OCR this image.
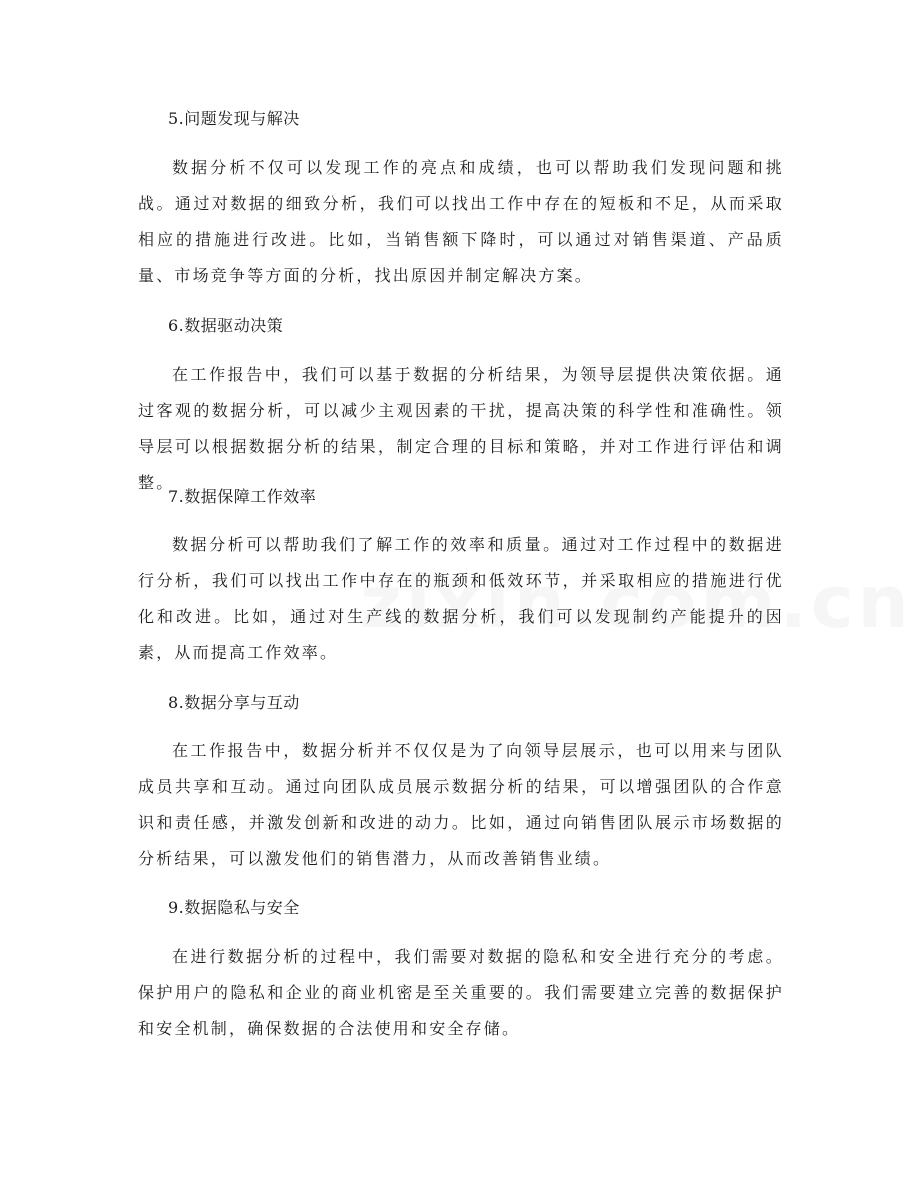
5.问题发现与解决

数据分析不仅可以发现工作的亮点和成绩，也可以帮助我们发现问题和挑战。通过对数据的细致分析，我们可以找出工作中存在的短板和不足，从而采取相应的措施进行改进。比如，当销售额下降时，可以通过对销售渠道、产品质量、市场竞争等方面的分析，找出原因并制定解决方案。

6.数据驱动决策

在工作报告中，我们可以基于数据的分析结果，为领导层提供决策依据。通过客观的数据分析，可以减少主观因素的干扰，提高决策的科学性和准确性。领导层可以根据数据分析的结果，制定合理的目标和策略，并对工作进行评估和调整。

7.数据保障工作效率

数据分析可以帮助我们了解工作的效率和质量。通过对工作过程中的数据进行分析，我们可以找出工作中存在的瓶颈和低效环节，并采取相应的措施进行优化和改进。比如，通过对生产线的数据分析，我们可以发现制约产能提升的因素，从而提高工作效率。

8.数据分享与互动

在工作报告中，数据分析并不仅仅是为了向领导层展示，也可以用来与团队成员共享和互动。通过向团队成员展示数据分析的结果，可以增强团队的合作意识和责任感，并激发创新和改进的动力。比如，通过向销售团队展示市场数据的分析结果，可以激发他们的销售潜力，从而改善销售业绩。

9.数据隐私与安全

在进行数据分析的过程中，我们需要对数据的隐私和安全进行充分的考虑。保护用户的隐私和企业的商业机密是至关重要的。我们需要建立完善的数据保护和安全机制，确保数据的合法使用和安全存储。
